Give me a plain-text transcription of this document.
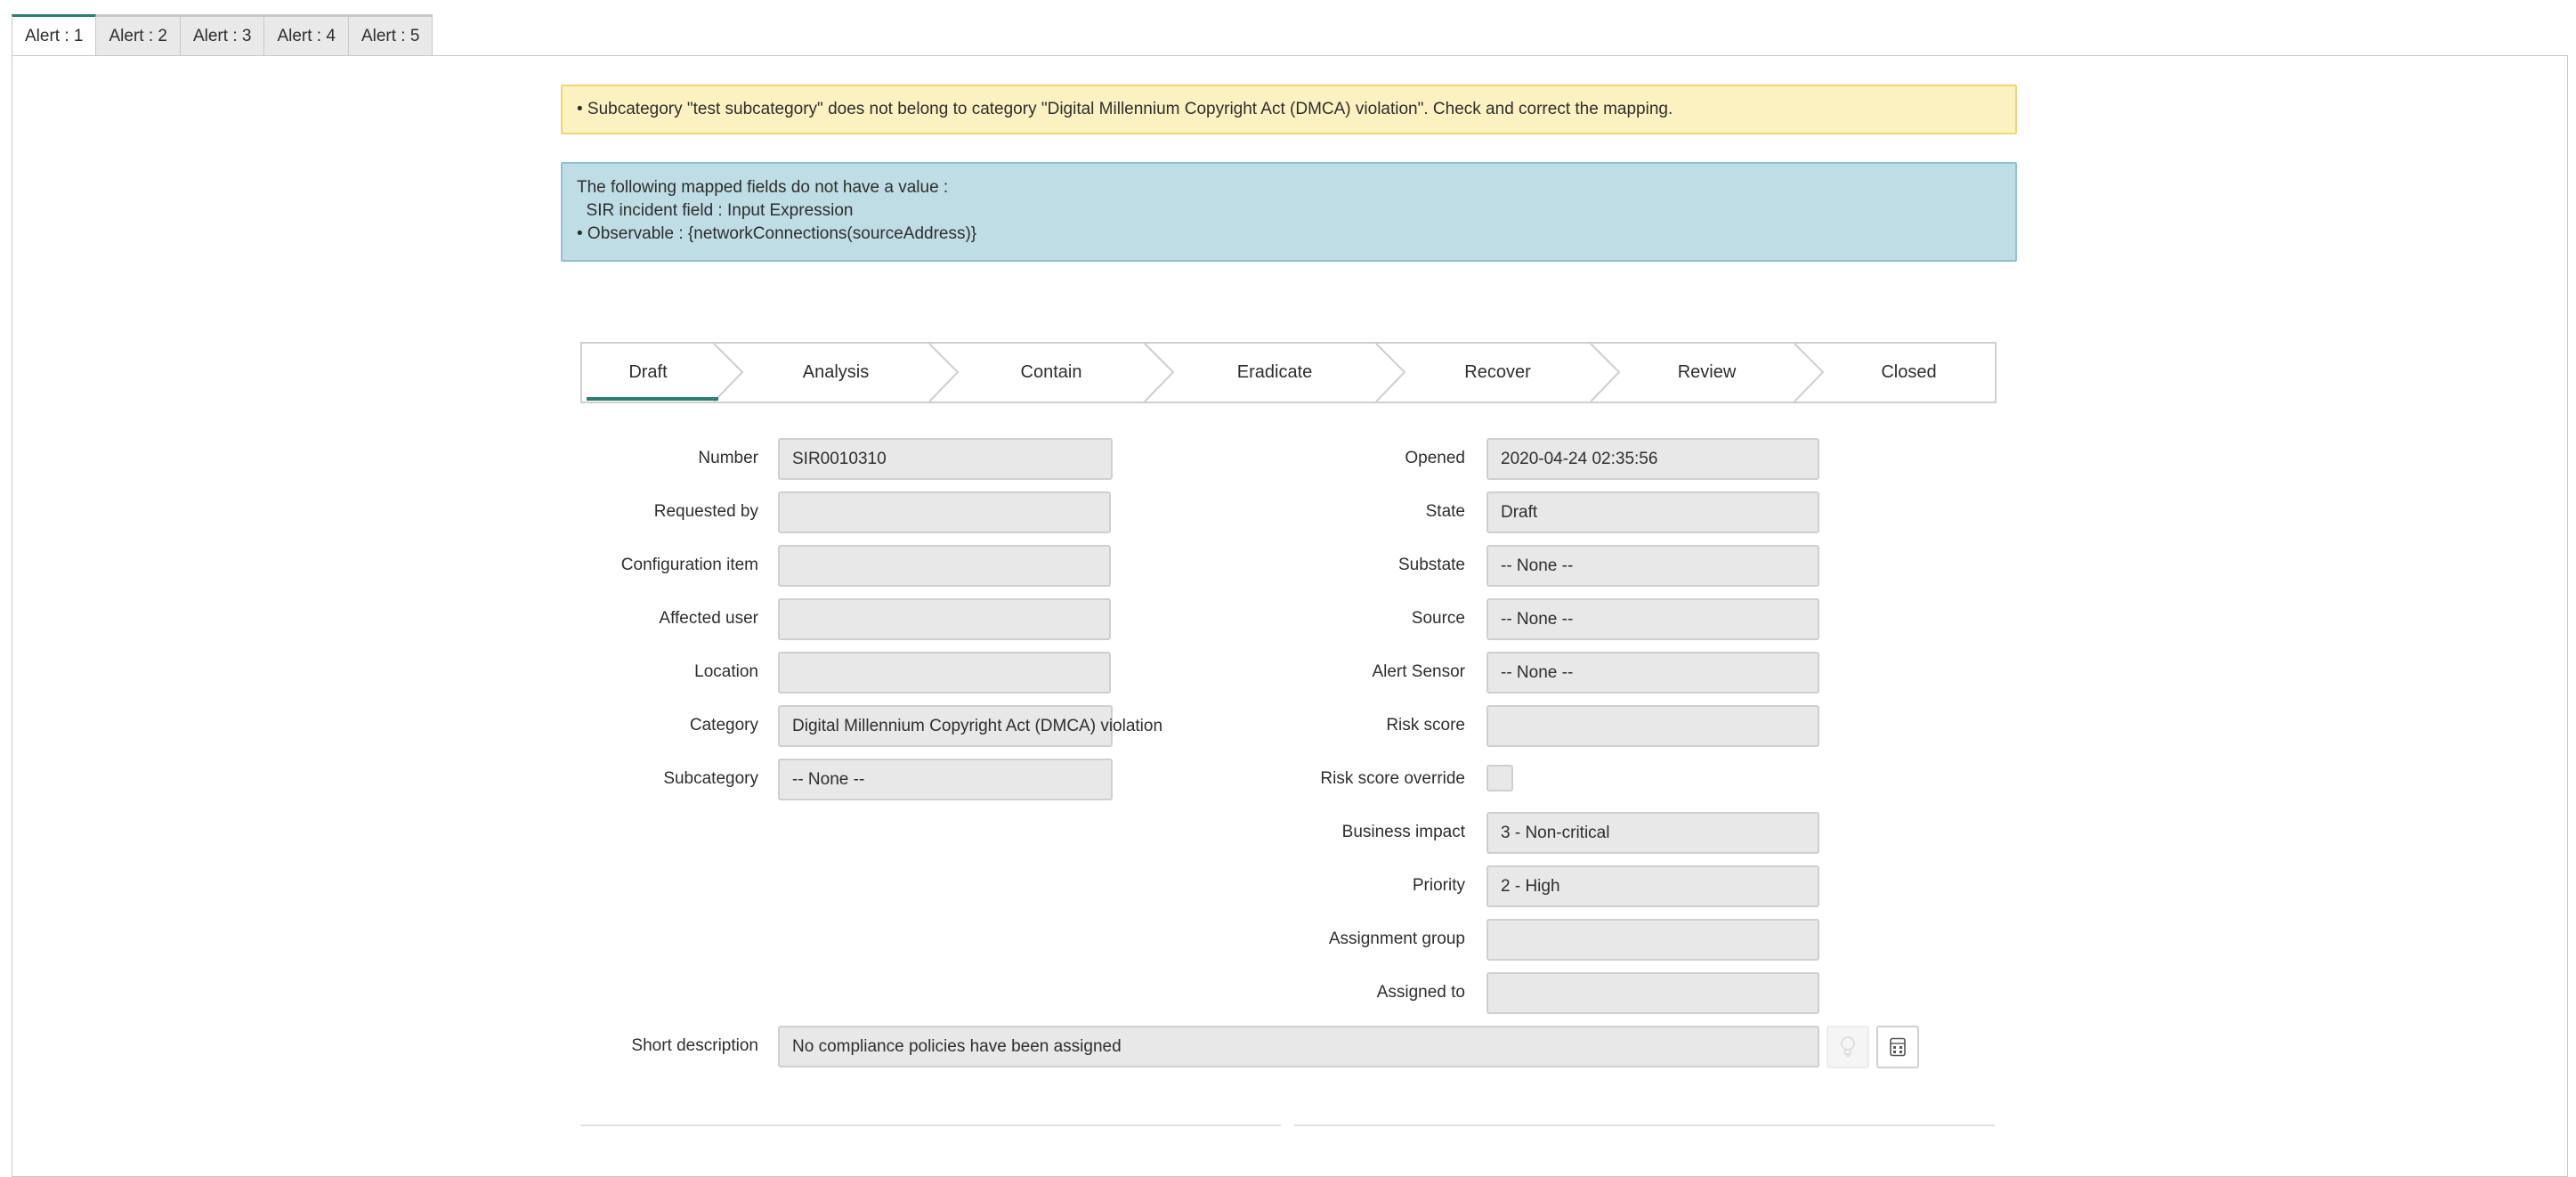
Alert : 1	Alert : 2	Alert : 3	Alert : 4	Alert : 5
• Subcategory "test subcategory" does not belong to category "Digital Millennium Copyright Act (DMCA) violation". Check and correct the mapping.
The following mapped fields do not have a value :
SIR incident field : Input Expression
• Observable : {networkConnections(sourceAddress)}
Draft	Analysis	Contain	Eradicate	Recover	Review	Closed
Number	SIR0010310
Requested by
Configuration item
Affected user
Location
Category	Digital Millennium Copyright Act (DMCA) violation
Subcategory	-- None --
Opened	2020-04-24 02:35:56
State	Draft
Substate	-- None --
Source	-- None --
Alert Sensor	-- None --
Risk score
Risk score override
Business impact	3 - Non-critical
Priority	2 - High
Assignment group
Assigned to
Short description	No compliance policies have been assigned
